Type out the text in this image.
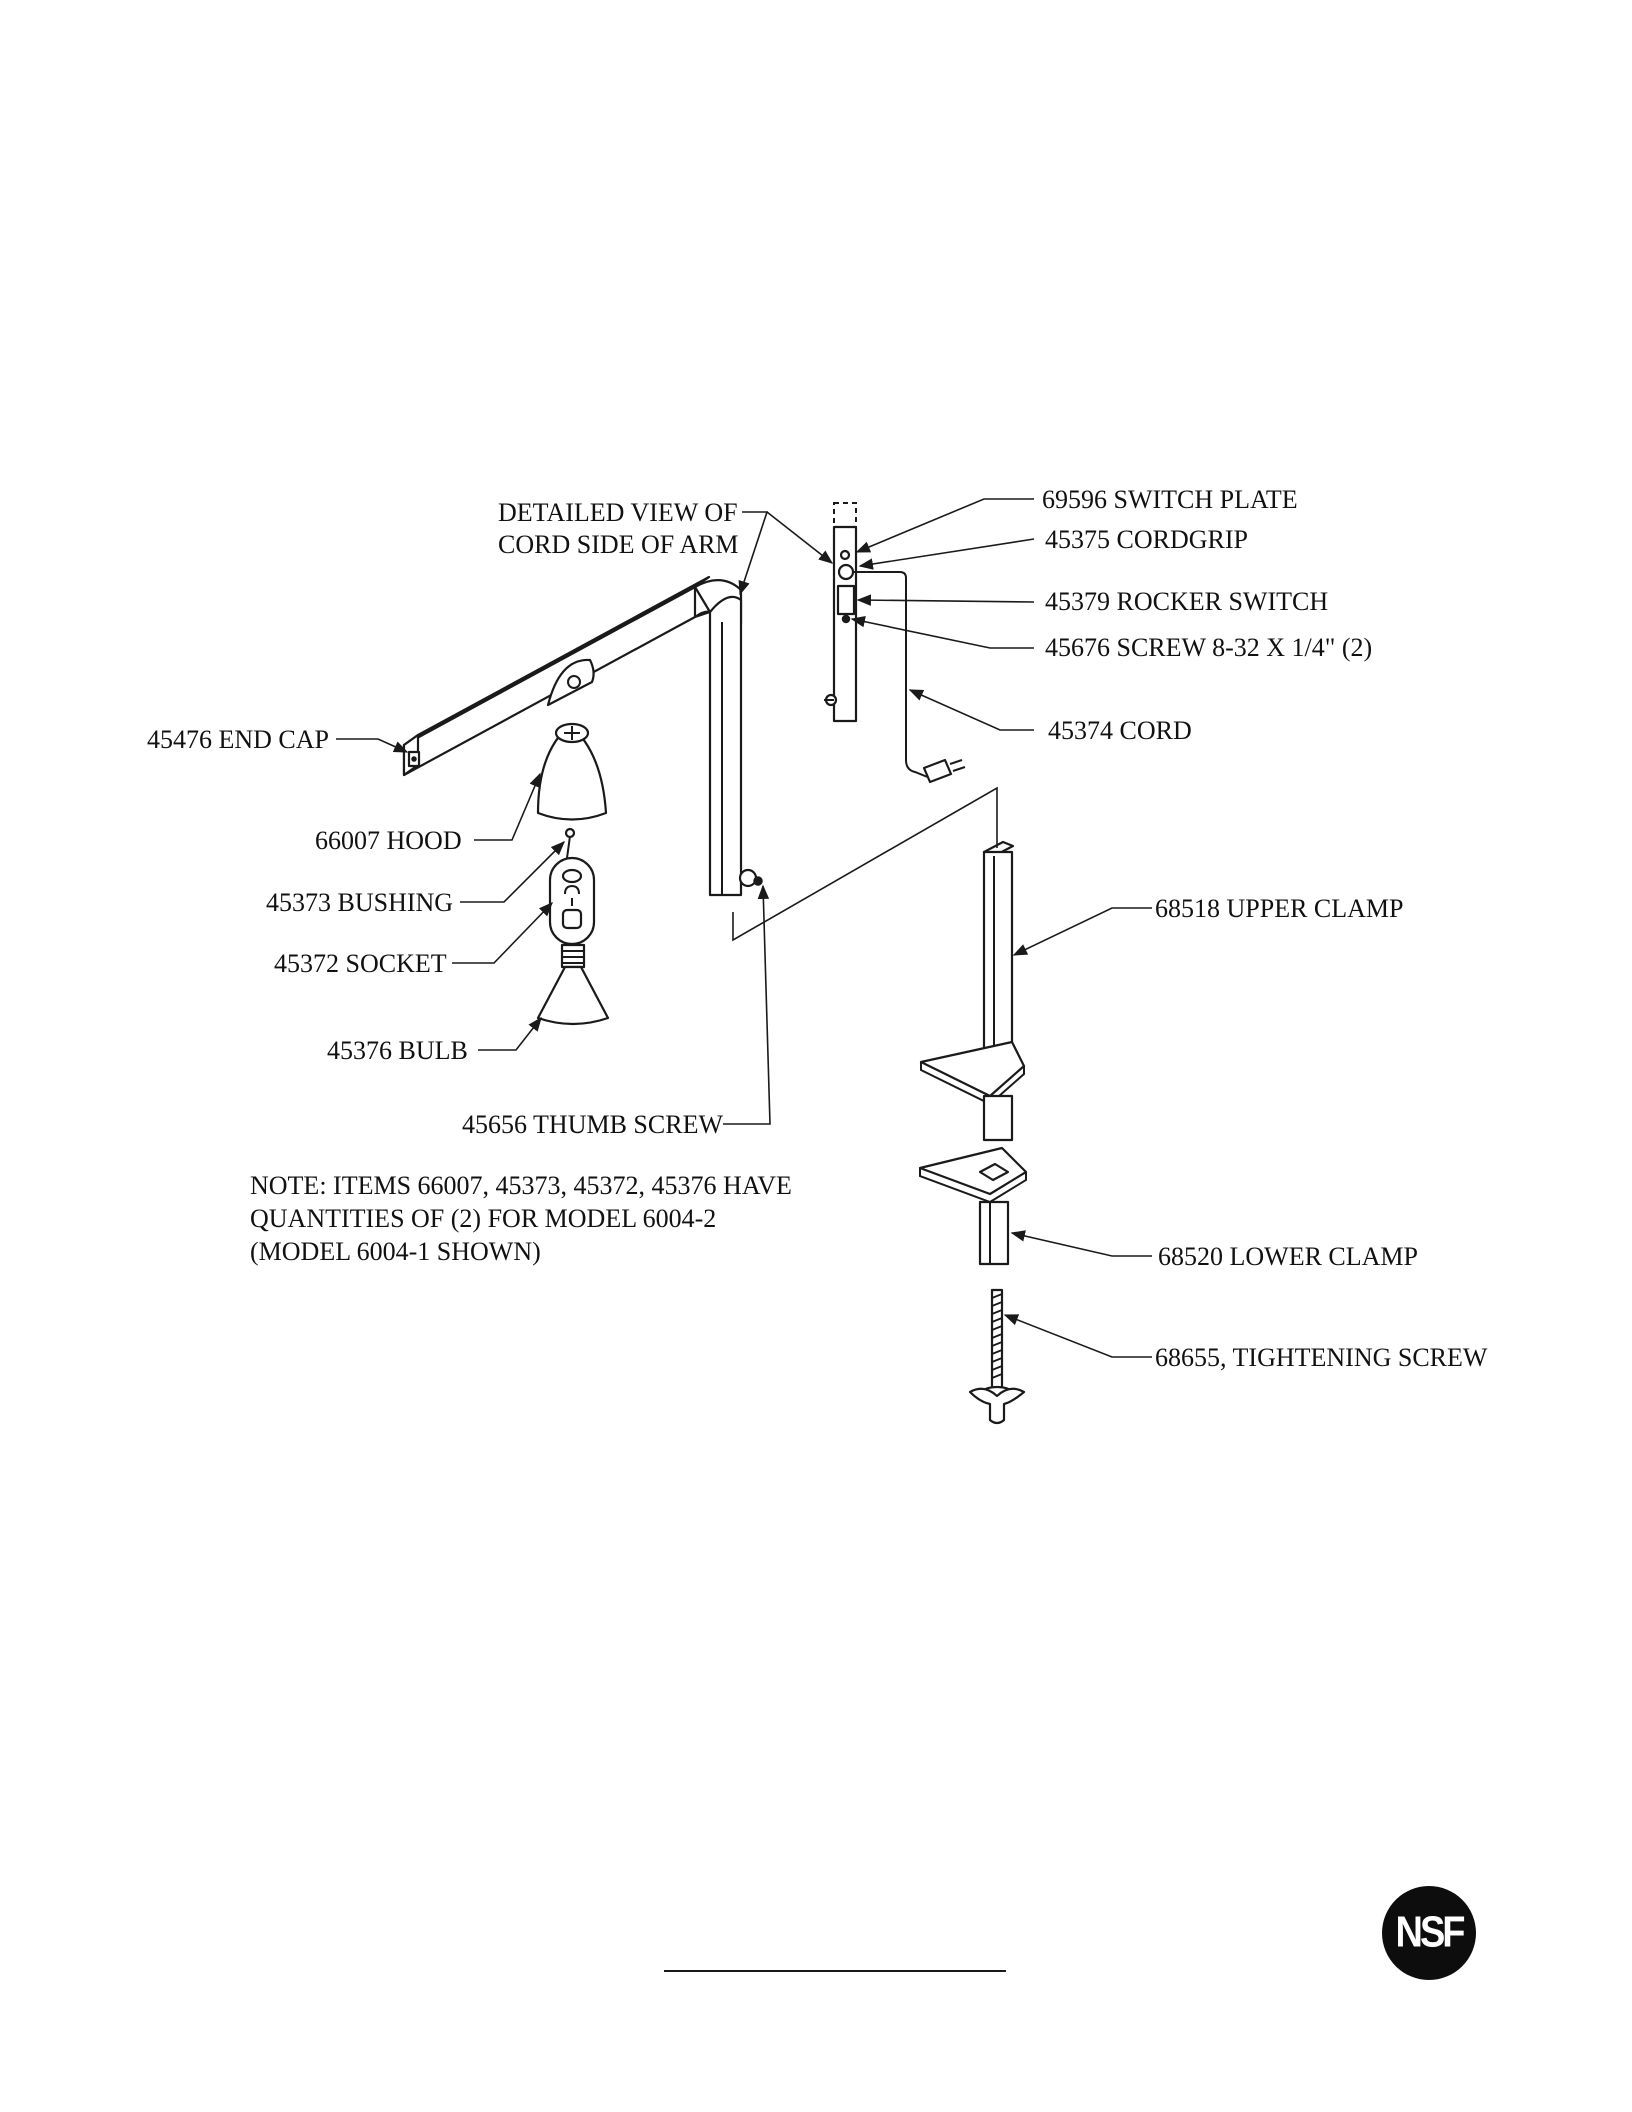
DETAILED VIEW OF
CORD SIDE OF ARM
69596 SWITCH PLATE
45375 CORDGRIP
45379 ROCKER SWITCH
45676 SCREW 8-32 X 1/4" (2)
45374 CORD
45476 END CAP
66007 HOOD
45373 BUSHING
45372 SOCKET
45376 BULB
45656 THUMB SCREW
68518 UPPER CLAMP
68520 LOWER CLAMP
68655, TIGHTENING SCREW
NOTE: ITEMS 66007, 45373, 45372, 45376 HAVE
QUANTITIES OF (2) FOR MODEL 6004-2
(MODEL 6004-1 SHOWN)
NSF
